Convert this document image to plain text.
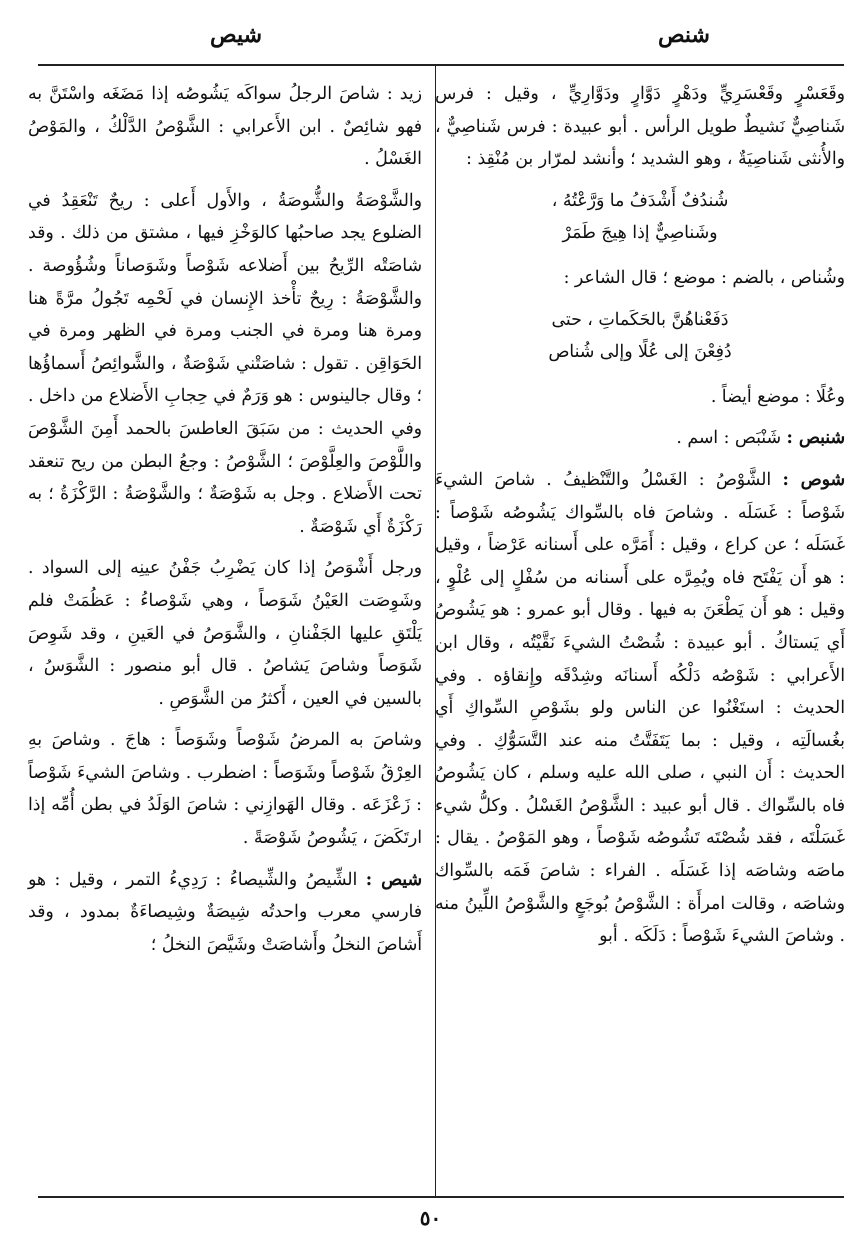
شنص
شيص

وقَعَسْرٍ وقَعْسَرِيٍّ ودَهْرٍ دَوَّارٍ ودَوَّارِيٍّ ، وقيل : فرس شَناصِيٌّ نَشيطٌ طويل الرأس . أبو عبيدة : فرس شَناصِيٌّ ، والأُنثى شَناصِيَةٌ ، وهو الشديد ؛ وأنشد لمرّار بن مُنْقِذ :

شُندُفٌ أَشْدَفُ ما وَرَّعْتُهُ ،
وشَناصِيٌّ إذا هِيجَ طَمَرْ

وشُناص ، بالضم : موضع ؛ قال الشاعر :

دَفَعْناهُنَّ بالحَكَماتِ ، حتى
دُفِعْنَ إلى عُلًا وإلى شُناص

وعُلًا : موضع أيضاً .

شنبص : شَنْبَص : اسم .

شوص : الشَّوْصُ : الغَسْلُ والتَّنْظيفُ . شاصَ الشيءَ شَوْصاً : غَسَلَه . وشاصَ فاه بالسِّواك يَشُوصُه شَوْصاً : غَسَلَه ؛ عن كراع ، وقيل : أَمَرَّه على أَسنانه عَرْضاً ، وقيل : هو أَن يَفْتَح فاه ويُمِرَّه على أَسنانه من سُفْلٍ إلى عُلْوٍ ، وقيل : هو أَن يَطْعَنَ به فيها . وقال أبو عمرو : هو يَشُوصُ أَي يَستاكُ . أبو عبيدة : شُصْتُ الشيءَ نَقَّيْتُه ، وقال ابن الأَعرابي : شَوْصُه دَلْكُه أَسنانَه وشِدْقَه وإِنقاؤه . وفي الحديث : استَغْنُوا عن الناس ولو بشَوْصِ السِّواكِ أَي بغُسالَتِه ، وقيل : بما يَتَفَتَّتُ منه عند التَّسَوُّكِ . وفي الحديث : أَن النبي ، صلى الله عليه وسلم ، كان يَشُوصُ فاه بالسِّواك . قال أبو عبيد : الشَّوْصُ الغَسْلُ . وكلُّ شيء غَسَلْتَه ، فقد شُصْتَه تَشُوصُه شَوْصاً ، وهو المَوْصُ . يقال : ماصَه وشاصَه إذا غَسَلَه . الفراء : شاصَ فَمَه بالسِّواك وشاصَه ، وقالت امرأَة : الشَّوْصُ بُوجَعٍ والشَّوْصُ اللِّينُ منه . وشاصَ الشيءَ شَوْصاً : دَلَكَه . أبو

زيد : شاصَ الرجلُ سواكَه يَشُوصُه إذا مَضَغَه واسْتَنَّ به فهو شائِصٌ . ابن الأَعرابي : الشَّوْصُ الدَّلْكُ ، والمَوْصُ الغَسْلُ .

والشَّوْصَةُ والشُّوصَةُ ، والأَول أَعلى : ريحٌ تَنْعَقِدُ في الضلوع يجد صاحبُها كالوَخْزِ فيها ، مشتق من ذلك . وقد شاصَتْه الرِّيحُ بين أَضلاعه شَوْصاً وشَوَصاناً وشُؤُوصة . والشَّوْصَةُ : رِيحٌ تأْخذ الإِنسان في لَحْمِه تَجُولُ مرَّةً هنا ومرة هنا ومرة في الجنب ومرة في الظهر ومرة في الحَوَاقِن . تقول : شاصَتْني شَوْصَةٌ ، والشَّوائِصُ أَسماؤُها ؛ وقال جالينوس : هو وَرَمٌ في حِجابِ الأَضلاع من داخل . وفي الحديث : من سَبَقَ العاطسَ بالحمد أَمِنَ الشَّوْصَ واللَّوْصَ والعِلَّوْصَ ؛ الشَّوْصُ : وجعُ البطن من ريح تنعقد تحت الأَضلاع . وجل به شَوْصَةٌ ؛ والشَّوْصَةُ : الرَّكْزَةُ ؛ به رَكْزَةٌ أَي شَوْصَةٌ .

ورجل أَشْوَصُ إذا كان يَضْرِبُ جَفْنُ عينِه إلى السواد . وشَوِصَت العَيْنُ شَوَصاً ، وهي شَوْصاءُ : عَظُمَتْ فلم يَلْتَقِ عليها الجَفْنانِ ، والشَّوَصُ في العَينِ ، وقد شَوِصَ شَوَصاً وشاصَ يَشاصُ . قال أبو منصور : الشَّوَسُ ، بالسين في العين ، أَكثرُ من الشَّوَصِ .

وشاصَ به المرضُ شَوْصاً وشَوَصاً : هاجَ . وشاصَ بهِ العِرْقُ شَوْصاً وشَوَصاً : اضطرب . وشاصَ الشيءَ شَوْصاً : زَعْزَعَه . وقال الهَوازِني : شاصَ الوَلَدُ في بطن أُمِّه إذا ارتَكَضَ ، يَشُوصُ شَوْصَةً .

شيص : الشِّيصُ والشِّيصاءُ : رَدِيءُ التمر ، وقيل : هو فارسي معرب واحدتُه شِيصَةٌ وشِيصاءَةٌ بمدود ، وقد أَشاصَ النخلُ وأَشاصَتْ وشَيَّصَ النخلُ ؛

٥٠
